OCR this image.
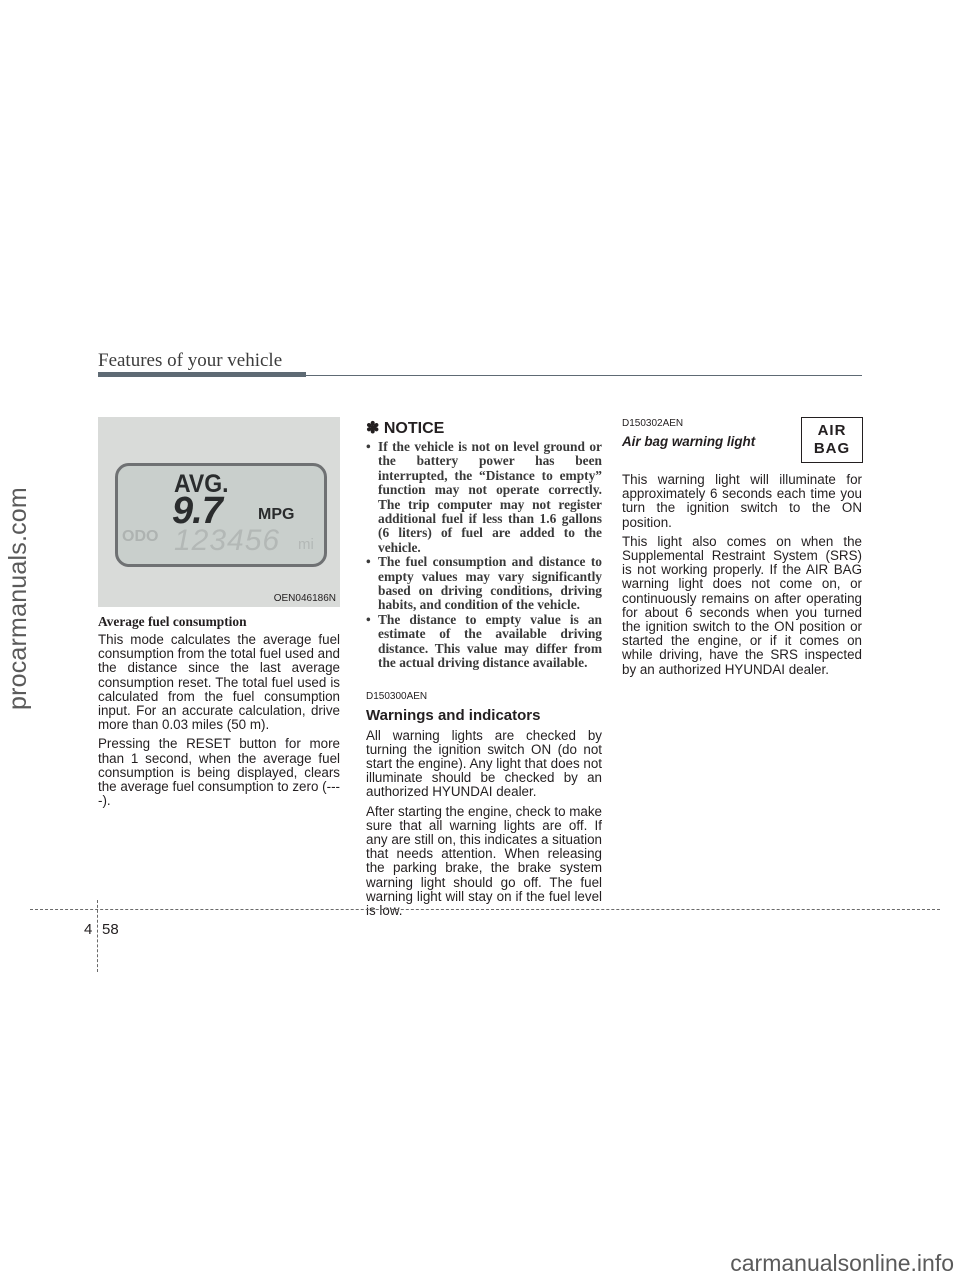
procarmanuals.com
Features of your vehicle
AVG.
9.7 MPG
ODO 123456 mi
OEN046186N

Average fuel consumption

This mode calculates the average fuel consumption from the total fuel used and the distance since the last average consumption reset. The total fuel used is calculated from the fuel consumption input. For an accurate calculation, drive more than 0.03 miles (50 m).

Pressing the RESET button for more than 1 second, when the average fuel consumption is being displayed, clears the average fuel consumption to zero (----).

✽ NOTICE

• If the vehicle is not on level ground or the battery power has been interrupted, the “Distance to empty” function may not operate correctly. The trip computer may not register additional fuel if less than 1.6 gallons (6 liters) of fuel are added to the vehicle.
• The fuel consumption and distance to empty values may vary significantly based on driving conditions, driving habits, and condition of the vehicle.
• The distance to empty value is an estimate of the available driving distance. This value may differ from the actual driving distance available.

D150300AEN

Warnings and indicators

All warning lights are checked by turning the ignition switch ON (do not start the engine). Any light that does not illuminate should be checked by an authorized HYUNDAI dealer.

After starting the engine, check to make sure that all warning lights are off. If any are still on, this indicates a situation that needs attention. When releasing the parking brake, the brake system warning light should go off. The fuel warning light will stay on if the fuel level is low.

D150302AEN

Air bag warning light

This warning light will illuminate for approximately 6 seconds each time you turn the ignition switch to the ON position.

This light also comes on when the Supplemental Restraint System (SRS) is not working properly. If the AIR BAG warning light does not come on, or continuously remains on after operating for about 6 seconds when you turned the ignition switch to the ON position or started the engine, or if it comes on while driving, have the SRS inspected by an authorized HYUNDAI dealer.

AIR
BAG
4 58
carmanualsonline.info
